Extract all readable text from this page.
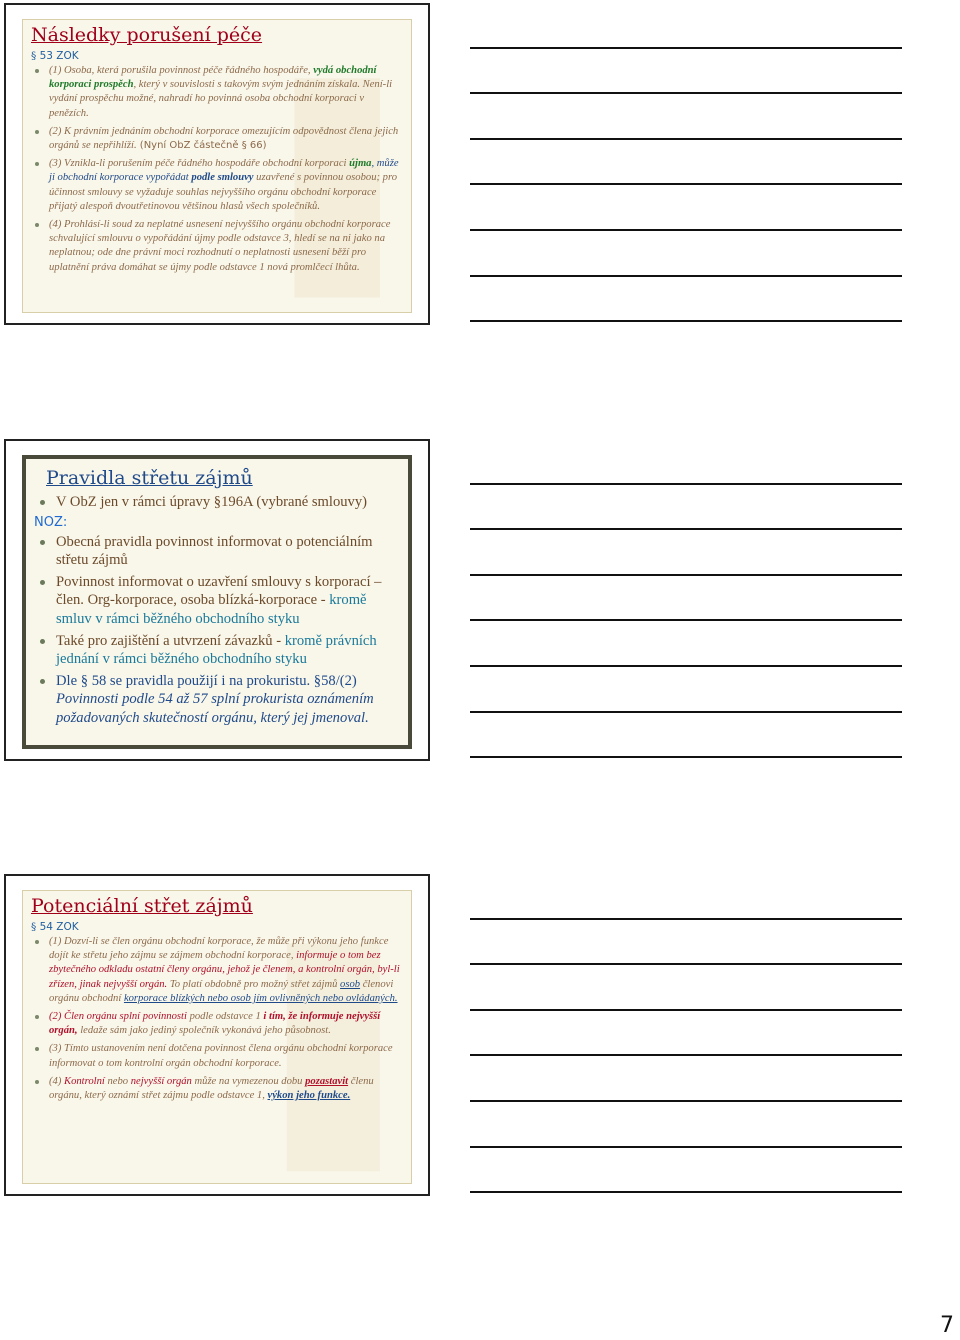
Následky porušení péče
§ 53 ZOK
(1) Osoba, která porušila povinnost péče řádného hospodáře, vydá obchodní korporaci prospěch, který v souvislosti s takovým svým jednáním získala. Není-li vydání prospěchu možné, nahradí ho povinná osoba obchodní korporaci v penězích.
(2) K právním jednáním obchodní korporace omezujícím odpovědnost člena jejich orgánů se nepřihlíží. (Nyní ObZ částečně § 66)
(3) Vznikla-li porušením péče řádného hospodáře obchodní korporaci újma, může ji obchodní korporace vypořádat podle smlouvy uzavřené s povinnou osobou; pro účinnost smlouvy se vyžaduje souhlas nejvyššího orgánu obchodní korporace přijatý alespoň dvoutřetinovou většinou hlasů všech společníků.
(4) Prohlásí-li soud za neplatné usnesení nejvyššího orgánu obchodní korporace schvalující smlouvu o vypořádání újmy podle odstavce 3, hledí se na ni jako na neplatnou; ode dne právní moci rozhodnutí o neplatnosti usnesení běží pro uplatnění práva domáhat se újmy podle odstavce 1 nová promlčecí lhůta.
Pravidla střetu zájmů
V ObZ jen v rámci úpravy §196A (vybrané smlouvy)
NOZ:
Obecná pravidla povinnost informovat o potenciálním střetu zájmů
Povinnost informovat o uzavření smlouvy s korporací – člen. Org-korporace, osoba blízká-korporace - kromě smluv v rámci běžného obchodního styku
Také pro zajištění a utvrzení závazků - kromě právních jednání v rámci běžného obchodního styku
Dle § 58 se pravidla použijí i na prokuristu. §58/(2) Povinnosti podle 54 až 57 splní prokurista oznámením požadovaných skutečností orgánu, který jej jmenoval.
Potenciální střet zájmů
§ 54 ZOK
(1) Dozví-li se člen orgánu obchodní korporace, že může při výkonu jeho funkce dojít ke střetu jeho zájmu se zájmem obchodní korporace, informuje o tom bez zbytečného odkladu ostatní členy orgánu, jehož je členem, a kontrolní orgán, byl-li zřízen, jinak nejvyšší orgán. To platí obdobně pro možný střet zájmů osob členovi orgánu obchodní korporace blízkých nebo osob jím ovlivněných nebo ovládaných.
(2) Člen orgánu splní povinnosti podle odstavce 1 i tím, že informuje nejvyšší orgán, ledaže sám jako jediný společník vykonává jeho působnost.
(3) Tímto ustanovením není dotčena povinnost člena orgánu obchodní korporace informovat o tom kontrolní orgán obchodní korporace.
(4) Kontrolní nebo nejvyšší orgán může na vymezenou dobu pozastavit členu orgánu, který oznámí střet zájmu podle odstavce 1, výkon jeho funkce.
7
